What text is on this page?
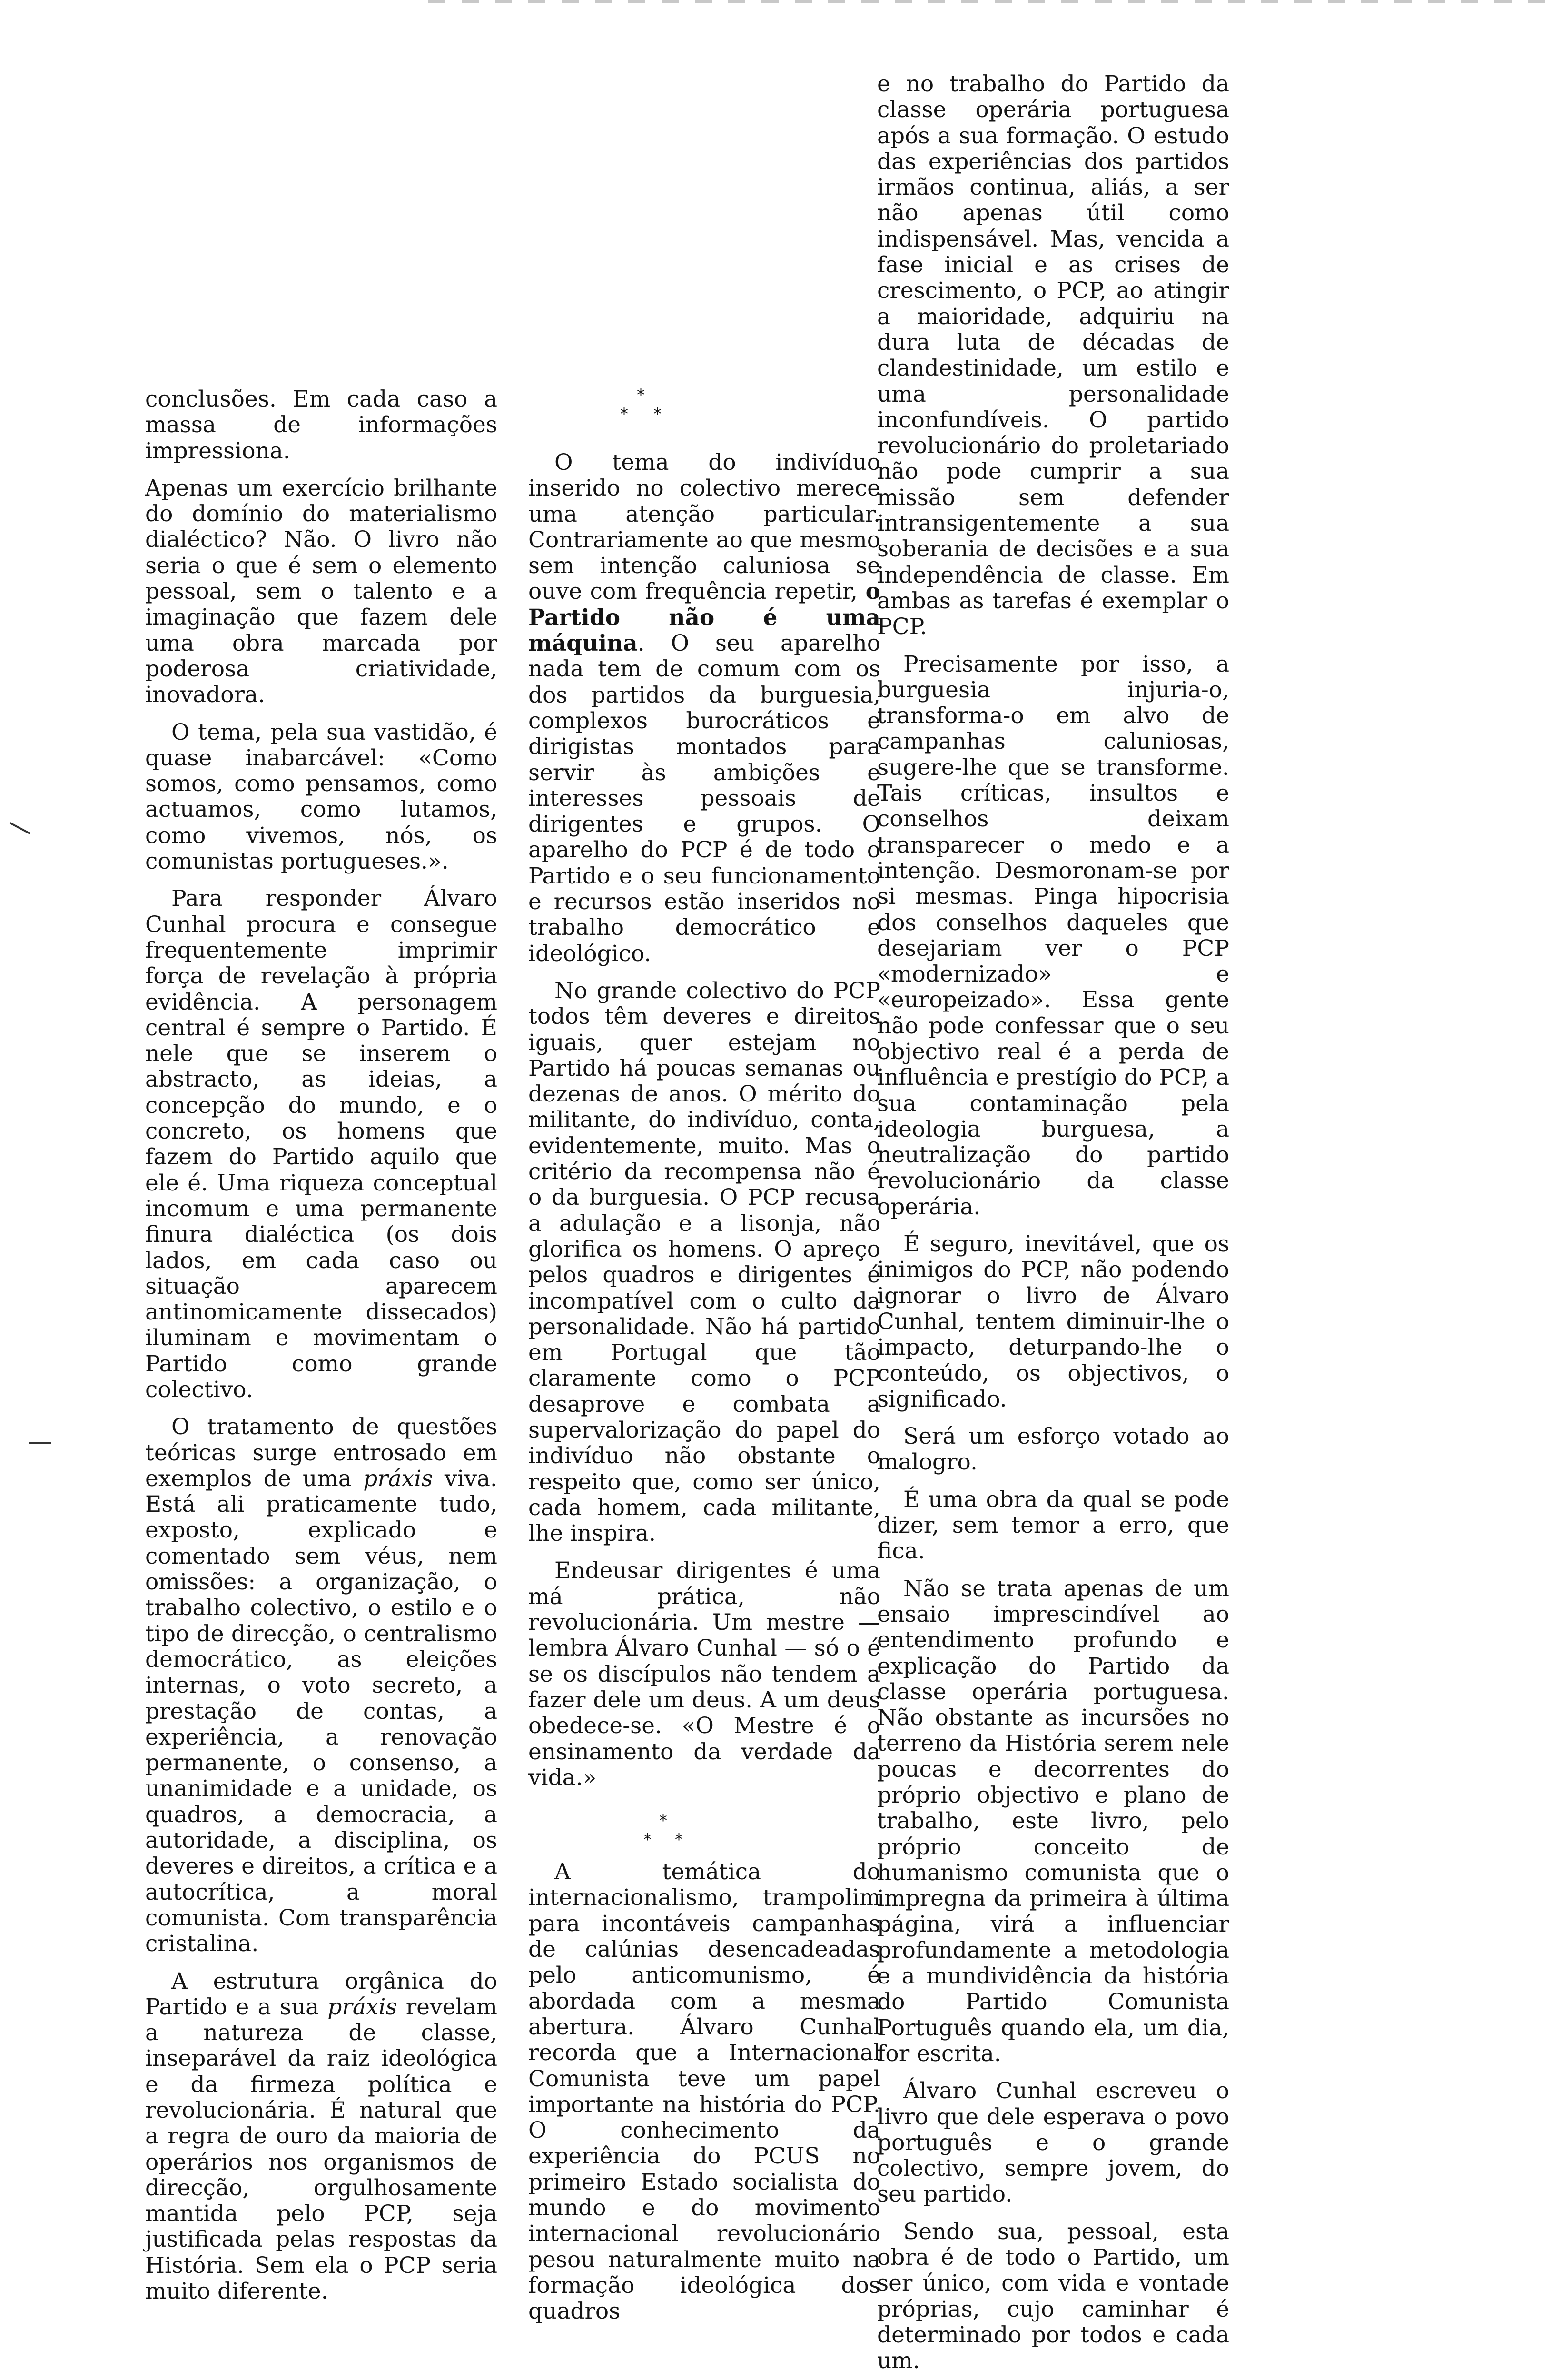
*
* *

conclusões. Em cada caso a massa de informações impressiona.

Apenas um exercício brilhante do domínio do materialismo dialéctico? Não. O livro não seria o que é sem o elemento pessoal, sem o talento e a imaginação que fazem dele uma obra marcada por poderosa criatividade, inovadora.

O tema, pela sua vastidão, é quase inabarcável: «Como somos, como pensamos, como actuamos, como lutamos, como vivemos, nós, os comunistas portugueses.».

Para responder Álvaro Cunhal procura e consegue frequentemente imprimir força de revelação à própria evidência. A personagem central é sempre o Partido. É nele que se inserem o abstracto, as ideias, a concepção do mundo, e o concreto, os homens que fazem do Partido aquilo que ele é. Uma riqueza conceptual incomum e uma permanente finura dialéctica (os dois lados, em cada caso ou situação aparecem antinomicamente dissecados) iluminam e movimentam o Partido como grande colectivo.

O tratamento de questões teóricas surge entrosado em exemplos de uma práxis viva. Está ali praticamente tudo, exposto, explicado e comentado sem véus, nem omissões: a organização, o trabalho colectivo, o estilo e o tipo de direcção, o centralismo democrático, as eleições internas, o voto secreto, a prestação de contas, a experiência, a renovação permanente, o consenso, a unanimidade e a unidade, os quadros, a democracia, a autoridade, a disciplina, os deveres e direitos, a crítica e a autocrítica, a moral comunista. Com transparência cristalina.

A estrutura orgânica do Partido e a sua práxis revelam a natureza de classe, inseparável da raiz ideológica e da firmeza política e revolucionária. É natural que a regra de ouro da maioria de operários nos organismos de direcção, orgulhosamente mantida pelo PCP, seja justificada pelas respostas da História. Sem ela o PCP seria muito diferente.

O tema do indivíduo inserido no colectivo merece uma atenção particular. Contrariamente ao que mesmo sem intenção caluniosa se ouve com frequência repetir, o Partido não é uma máquina. O seu aparelho nada tem de comum com os dos partidos da burguesia, complexos burocráticos e dirigistas montados para servir às ambições e interesses pessoais de dirigentes e grupos. O aparelho do PCP é de todo o Partido e o seu funcionamento e recursos estão inseridos no trabalho democrático e ideológico.

No grande colectivo do PCP todos têm deveres e direitos iguais, quer estejam no Partido há poucas semanas ou dezenas de anos. O mérito do militante, do indivíduo, conta, evidentemente, muito. Mas o critério da recompensa não é o da burguesia. O PCP recusa a adulação e a lisonja, não glorifica os homens. O apreço pelos quadros e dirigentes é incompatível com o culto da personalidade. Não há partido em Portugal que tão claramente como o PCP desaprove e combata a supervalorização do papel do indivíduo não obstante o respeito que, como ser único, cada homem, cada militante, lhe inspira.

Endeusar dirigentes é uma má prática, não revolucionária. Um mestre — lembra Álvaro Cunhal — só o é se os discípulos não tendem a fazer dele um deus. A um deus obedece-se. «O Mestre é o ensinamento da verdade da vida.»

*
* *

A temática do internacionalismo, trampolim para incontáveis campanhas de calúnias desencadeadas pelo anticomunismo, é abordada com a mesma abertura. Álvaro Cunhal recorda que a Internacional Comunista teve um papel importante na história do PCP. O conhecimento da experiência do PCUS no primeiro Estado socialista do mundo e do movimento internacional revolucionário pesou naturalmente muito na formação ideológica dos quadros

e no trabalho do Partido da classe operária portuguesa após a sua formação. O estudo das experiências dos partidos irmãos continua, aliás, a ser não apenas útil como indispensável. Mas, vencida a fase inicial e as crises de crescimento, o PCP, ao atingir a maioridade, adquiriu na dura luta de décadas de clandestinidade, um estilo e uma personalidade inconfundíveis. O partido revolucionário do proletariado não pode cumprir a sua missão sem defender intransigentemente a sua soberania de decisões e a sua independência de classe. Em ambas as tarefas é exemplar o PCP.

Precisamente por isso, a burguesia injuria-o, transforma-o em alvo de campanhas caluniosas, sugere-lhe que se transforme. Tais críticas, insultos e conselhos deixam transparecer o medo e a intenção. Desmoronam-se por si mesmas. Pinga hipocrisia dos conselhos daqueles que desejariam ver o PCP «modernizado» e «europeizado». Essa gente não pode confessar que o seu objectivo real é a perda de influência e prestígio do PCP, a sua contaminação pela ideologia burguesa, a neutralização do partido revolucionário da classe operária.

É seguro, inevitável, que os inimigos do PCP, não podendo ignorar o livro de Álvaro Cunhal, tentem diminuir-lhe o impacto, deturpando-lhe o conteúdo, os objectivos, o significado.

Será um esforço votado ao malogro.

É uma obra da qual se pode dizer, sem temor a erro, que fica.

Não se trata apenas de um ensaio imprescindível ao entendimento profundo e explicação do Partido da classe operária portuguesa. Não obstante as incursões no terreno da História serem nele poucas e decorrentes do próprio objectivo e plano de trabalho, este livro, pelo próprio conceito de humanismo comunista que o impregna da primeira à última página, virá a influenciar profundamente a metodologia e a mundividência da história do Partido Comunista Português quando ela, um dia, for escrita.

Álvaro Cunhal escreveu o livro que dele esperava o povo português e o grande colectivo, sempre jovem, do seu partido.

Sendo sua, pessoal, esta obra é de todo o Partido, um ser único, com vida e vontade próprias, cujo caminhar é determinado por todos e cada um.
